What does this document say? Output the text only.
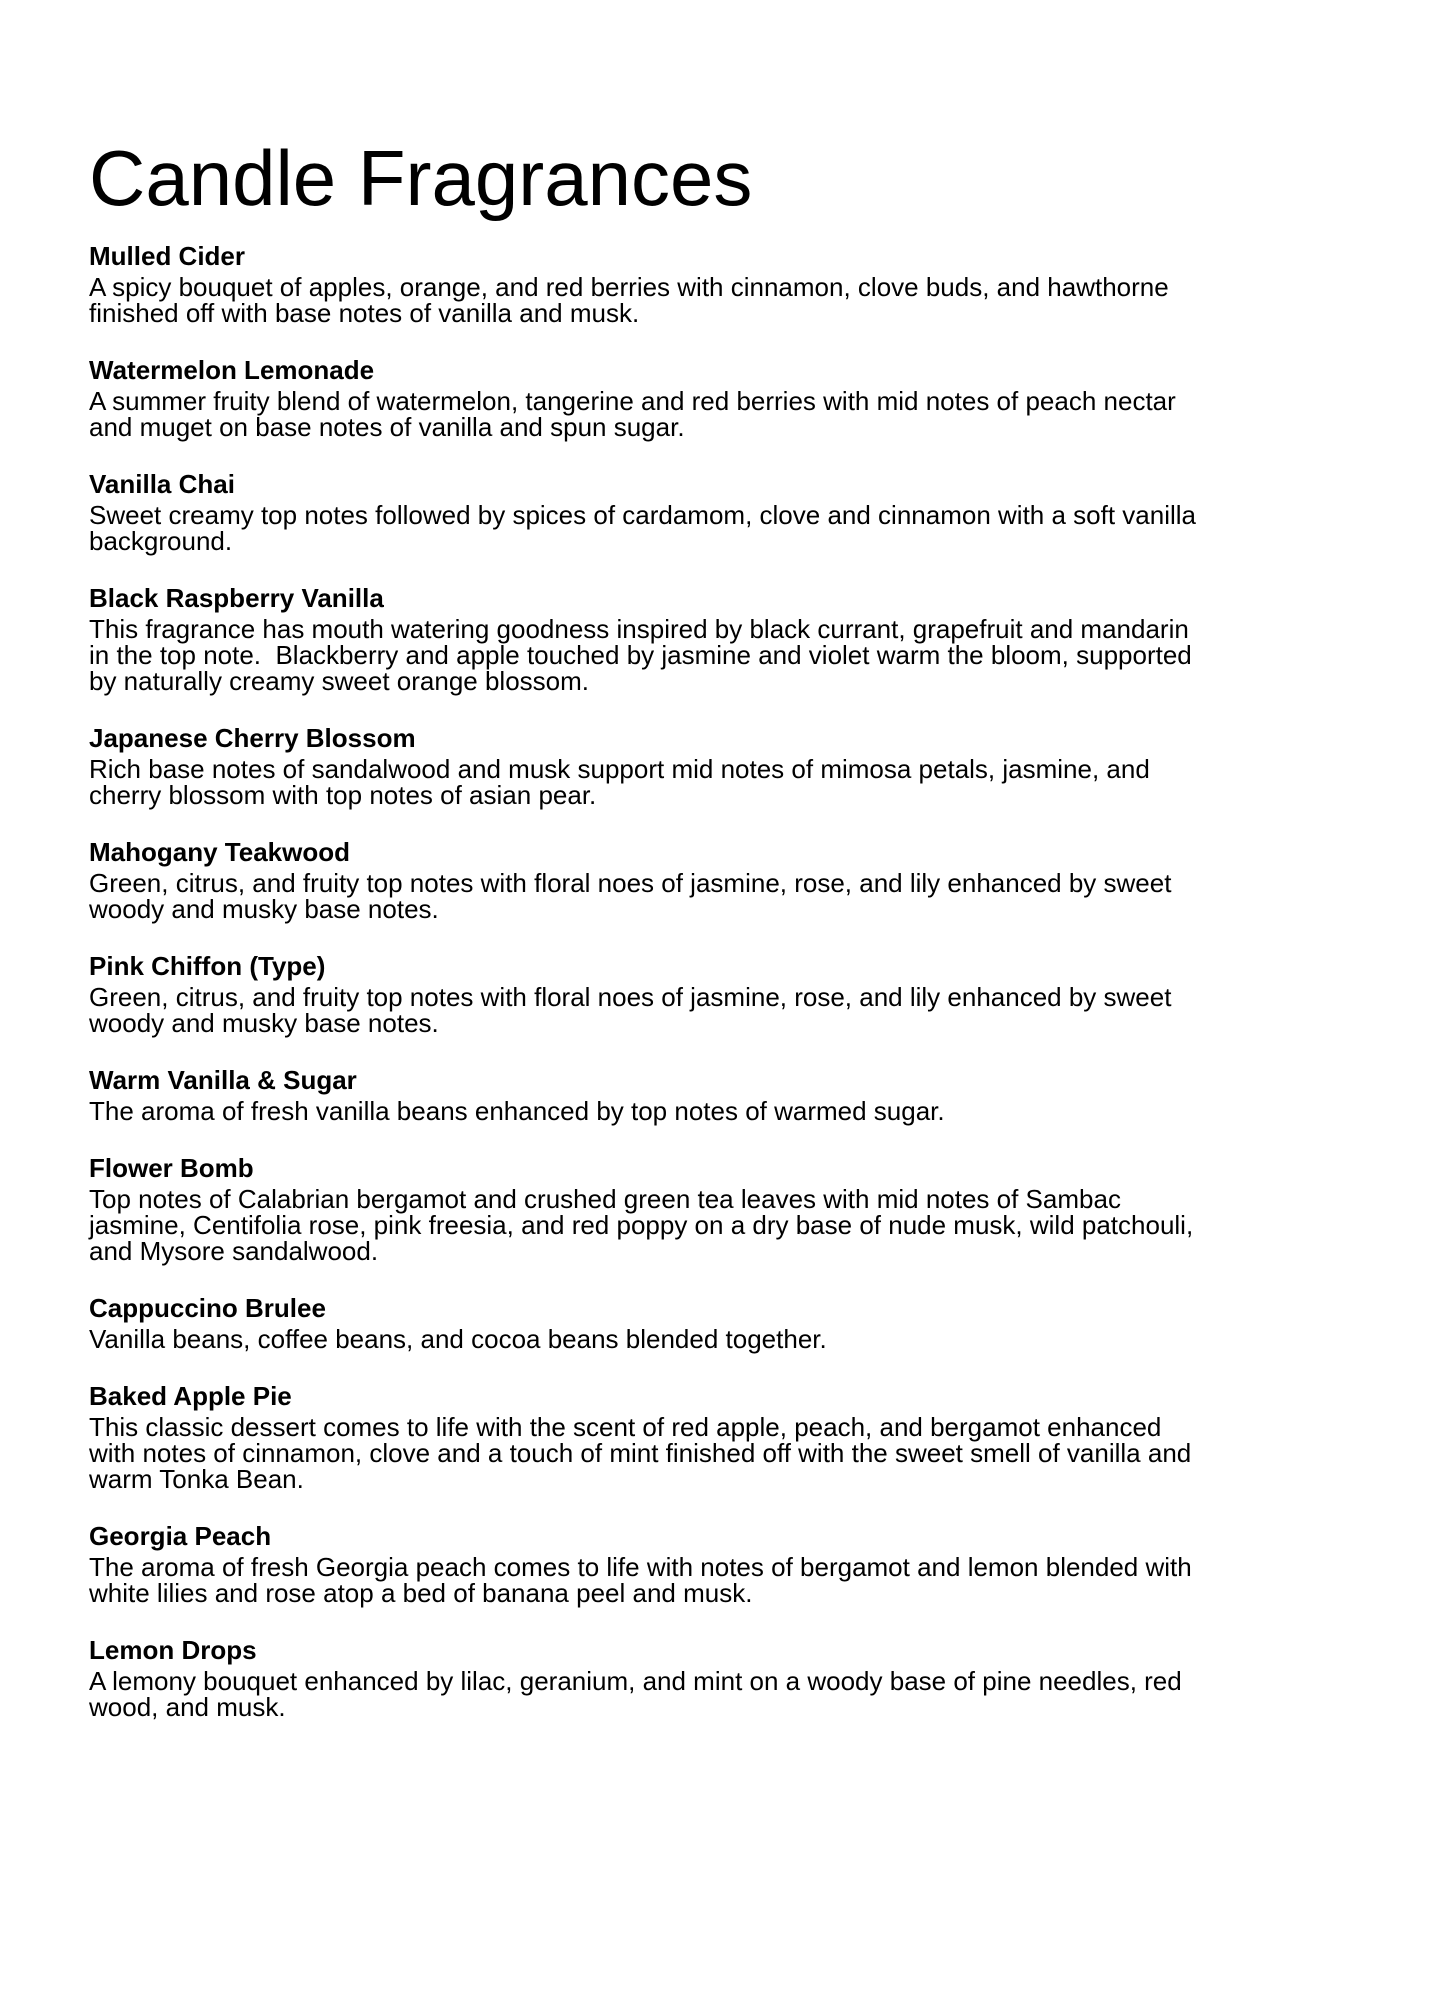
Candle Fragrances
Mulled Cider
A spicy bouquet of apples, orange, and red berries with cinnamon, clove buds, and hawthorne
finished off with base notes of vanilla and musk.
Watermelon Lemonade
A summer fruity blend of watermelon, tangerine and red berries with mid notes of peach nectar
and muget on base notes of vanilla and spun sugar.
Vanilla Chai
Sweet creamy top notes followed by spices of cardamom, clove and cinnamon with a soft vanilla
background.
Black Raspberry Vanilla
This fragrance has mouth watering goodness inspired by black currant, grapefruit and mandarin
in the top note.  Blackberry and apple touched by jasmine and violet warm the bloom, supported
by naturally creamy sweet orange blossom.
Japanese Cherry Blossom
Rich base notes of sandalwood and musk support mid notes of mimosa petals, jasmine, and
cherry blossom with top notes of asian pear.
Mahogany Teakwood
Green, citrus, and fruity top notes with floral noes of jasmine, rose, and lily enhanced by sweet
woody and musky base notes.
Pink Chiffon (Type)
Green, citrus, and fruity top notes with floral noes of jasmine, rose, and lily enhanced by sweet
woody and musky base notes.
Warm Vanilla & Sugar
The aroma of fresh vanilla beans enhanced by top notes of warmed sugar.
Flower Bomb
Top notes of Calabrian bergamot and crushed green tea leaves with mid notes of Sambac
jasmine, Centifolia rose, pink freesia, and red poppy on a dry base of nude musk, wild patchouli,
and Mysore sandalwood.
Cappuccino Brulee
Vanilla beans, coffee beans, and cocoa beans blended together.
Baked Apple Pie
This classic dessert comes to life with the scent of red apple, peach, and bergamot enhanced
with notes of cinnamon, clove and a touch of mint finished off with the sweet smell of vanilla and
warm Tonka Bean.
Georgia Peach
The aroma of fresh Georgia peach comes to life with notes of bergamot and lemon blended with
white lilies and rose atop a bed of banana peel and musk.
Lemon Drops
A lemony bouquet enhanced by lilac, geranium, and mint on a woody base of pine needles, red
wood, and musk.
